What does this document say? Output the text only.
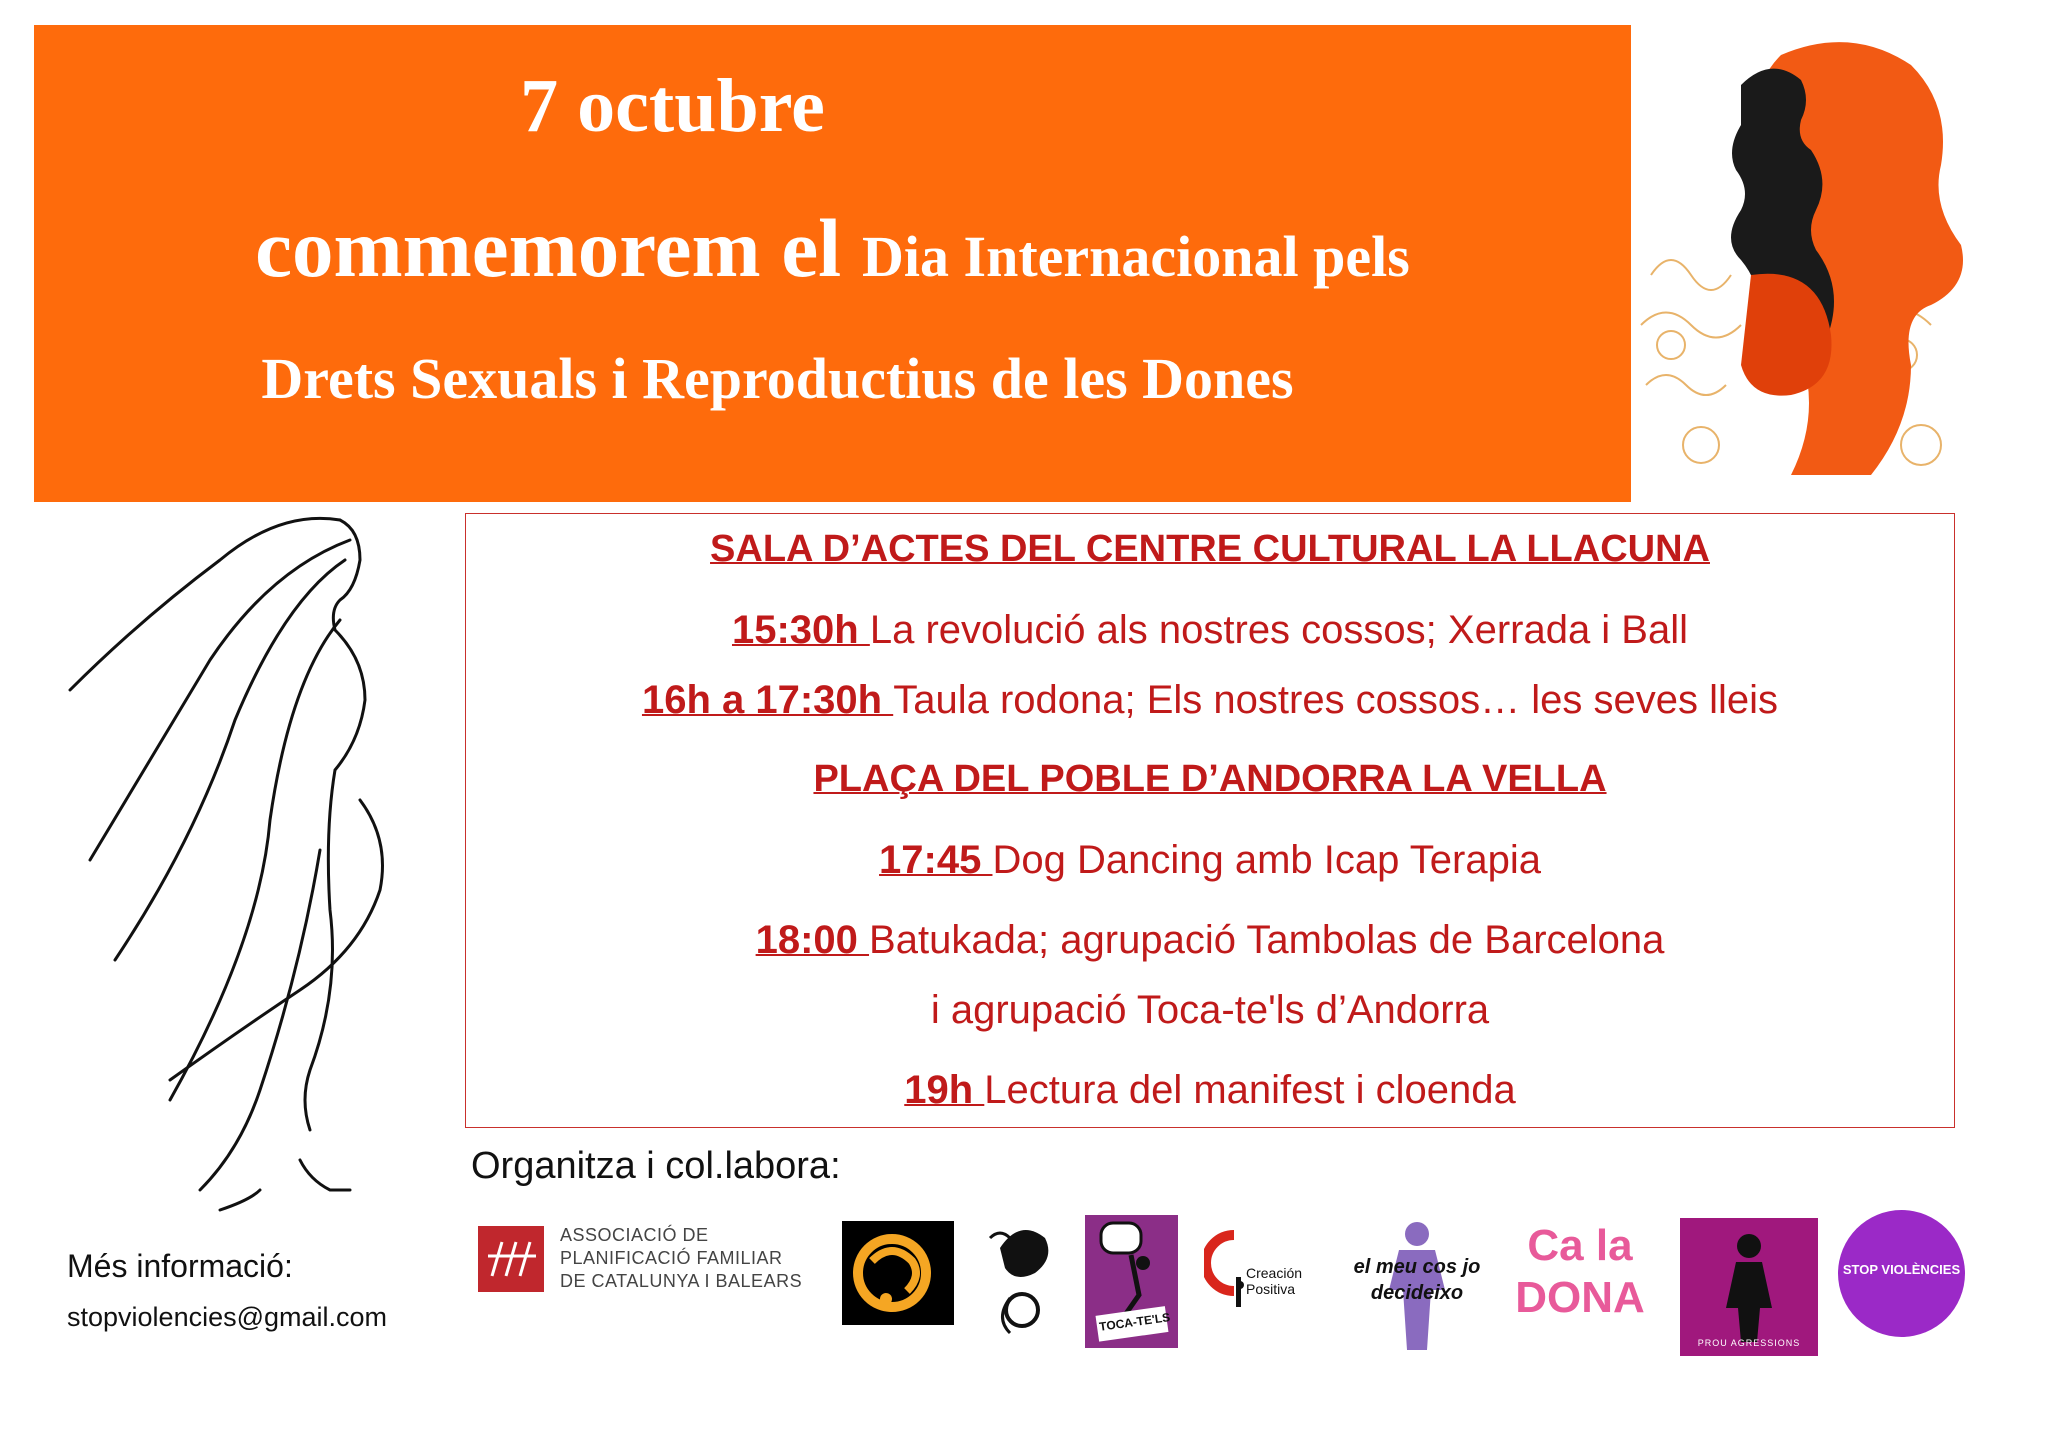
7 octubre
commemorem el Dia Internacional pels
Drets Sexuals i Reproductius de les Dones
SALA D’ACTES DEL CENTRE CULTURAL LA LLACUNA
15:30h La revolució als nostres cossos; Xerrada i Ball
16h a 17:30h Taula rodona; Els nostres cossos… les seves lleis
PLAÇA DEL POBLE D’ANDORRA LA VELLA
17:45 Dog Dancing amb Icap Terapia
18:00 Batukada; agrupació Tambolas de Barcelona
i agrupació Toca-te'ls d’Andorra
19h Lectura del manifest i cloenda
Organitza i col.labora:
Més informació:
stopviolencies@gmail.com
ASSOCIACIÓ DE
PLANIFICACIÓ FAMILIAR
DE CATALUNYA I BALEARS
TOCA-TE'LS
Creación Positiva
el meu cos jo decideixo
Ca la DONA
PROU AGRESSIONS
STOP VIOLÈNCIES
